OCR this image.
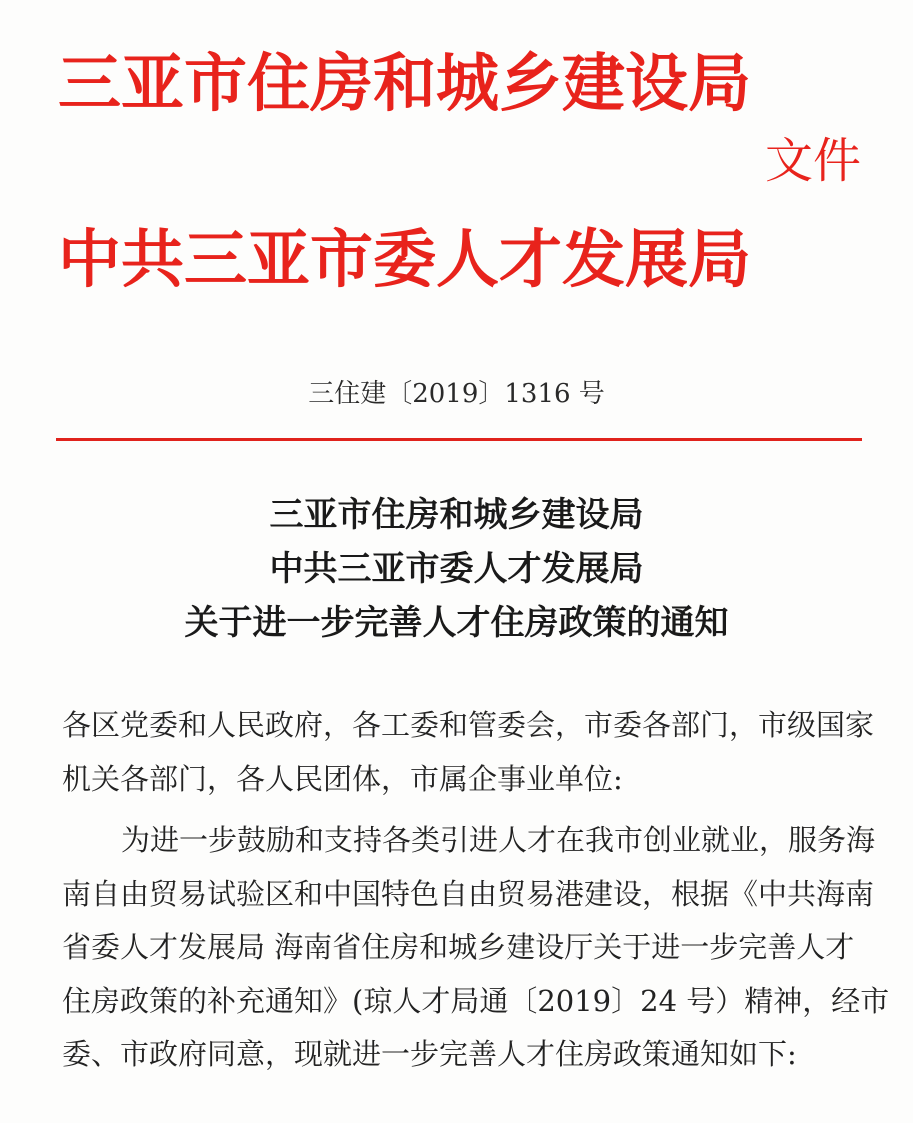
三亚市住房和城乡建设局
文件
中共三亚市委人才发展局
三住建〔2019〕1316 号
三亚市住房和城乡建设局
中共三亚市委人才发展局
关于进一步完善人才住房政策的通知
各区党委和人民政府，各工委和管委会，市委各部门，市级国家
机关各部门，各人民团体，市属企事业单位:
为进一步鼓励和支持各类引进人才在我市创业就业，服务海
南自由贸易试验区和中国特色自由贸易港建设，根据《中共海南
省委人才发展局 海南省住房和城乡建设厅关于进一步完善人才
住房政策的补充通知》(琼人才局通〔2019〕24 号）精神，经市
委、市政府同意，现就进一步完善人才住房政策通知如下:
